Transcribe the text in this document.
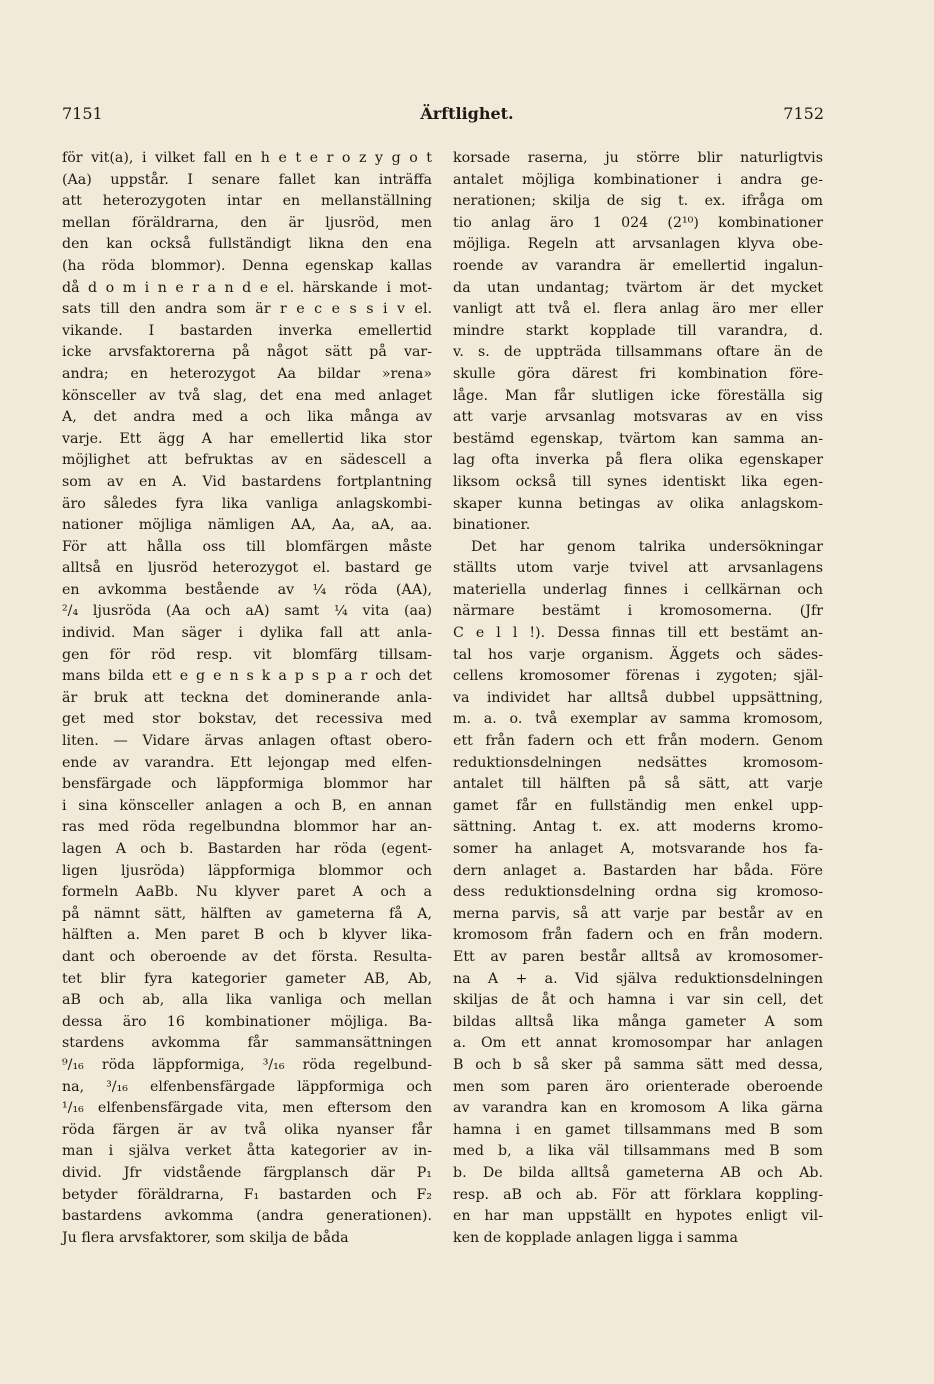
Ärftlighet.
7151	7152
för vit(a), i vilket fall en h e t e r o z y g o t
(Aa) uppstår. I senare fallet kan inträffa
att heterozygoten intar en mellanställning
mellan föräldrarna, den är ljusröd, men
den kan också fullständigt likna den ena
(ha röda blommor). Denna egenskap kallas
då d o m i n e r a n d e el. härskande i mot-
sats till den andra som är r e c e s s i v el.
vikande. I bastarden inverka emellertid
icke arvsfaktorerna på något sätt på var-
andra; en heterozygot Aa bildar »rena»
könsceller av två slag, det ena med anlaget
A, det andra med a och lika många av
varje. Ett ägg A har emellertid lika stor
möjlighet att befruktas av en sädescell a
som av en A. Vid bastardens fortplantning
äro således fyra lika vanliga anlagskombi-
nationer möjliga nämligen AA, Aa, aA, aa.
För att hålla oss till blomfärgen måste
alltså en ljusröd heterozygot el. bastard ge
en avkomma bestående av ¼ röda (AA),
²/₄ ljusröda (Aa och aA) samt ¼ vita (aa)
individ. Man säger i dylika fall att anla-
gen för röd resp. vit blomfärg tillsam-
mans bilda ett e g e n s k a p s p a r och det
är bruk att teckna det dominerande anla-
get med stor bokstav, det recessiva med
liten. — Vidare ärvas anlagen oftast obero-
ende av varandra. Ett lejongap med elfen-
bensfärgade och läppformiga blommor har
i sina könsceller anlagen a och B, en annan
ras med röda regelbundna blommor har an-
lagen A och b. Bastarden har röda (egent-
ligen ljusröda) läppformiga blommor och
formeln AaBb. Nu klyver paret A och a
på nämnt sätt, hälften av gameterna få A,
hälften a. Men paret B och b klyver lika-
dant och oberoende av det första. Resulta-
tet blir fyra kategorier gameter AB, Ab,
aB och ab, alla lika vanliga och mellan
dessa äro 16 kombinationer möjliga. Ba-
stardens avkomma får sammansättningen
⁹/₁₆ röda läppformiga, ³/₁₆ röda regelbund-
na, ³/₁₆ elfenbensfärgade läppformiga och
¹/₁₆ elfenbensfärgade vita, men eftersom den
röda färgen är av två olika nyanser får
man i själva verket åtta kategorier av in-
divid. Jfr vidstående färgplansch där P₁
betyder föräldrarna, F₁ bastarden och F₂
bastardens avkomma (andra generationen).
Ju flera arvsfaktorer, som skilja de båda
korsade raserna, ju större blir naturligtvis
antalet möjliga kombinationer i andra ge-
nerationen; skilja de sig t. ex. ifråga om
tio anlag äro 1 024 (2¹⁰) kombinationer
möjliga. Regeln att arvsanlagen klyva obe-
roende av varandra är emellertid ingalun-
da utan undantag; tvärtom är det mycket
vanligt att två el. flera anlag äro mer eller
mindre starkt kopplade till varandra, d.
v. s. de uppträda tillsammans oftare än de
skulle göra därest fri kombination före-
låge. Man får slutligen icke föreställa sig
att varje arvsanlag motsvaras av en viss
bestämd egenskap, tvärtom kan samma an-
lag ofta inverka på flera olika egenskaper
liksom också till synes identiskt lika egen-
skaper kunna betingas av olika anlagskom-
binationer.
Det har genom talrika undersökningar
ställts utom varje tvivel att arvsanlagens
materiella underlag finnes i cellkärnan och
närmare bestämt i kromosomerna. (Jfr
C e l l !). Dessa finnas till ett bestämt an-
tal hos varje organism. Äggets och sädes-
cellens kromosomer förenas i zygoten; själ-
va individet har alltså dubbel uppsättning,
m. a. o. två exemplar av samma kromosom,
ett från fadern och ett från modern. Genom
reduktionsdelningen nedsättes kromosom-
antalet till hälften på så sätt, att varje
gamet får en fullständig men enkel upp-
sättning. Antag t. ex. att moderns kromo-
somer ha anlaget A, motsvarande hos fa-
dern anlaget a. Bastarden har båda. Före
dess reduktionsdelning ordna sig kromoso-
merna parvis, så att varje par består av en
kromosom från fadern och en från modern.
Ett av paren består alltså av kromosomer-
na A + a. Vid själva reduktionsdelningen
skiljas de åt och hamna i var sin cell, det
bildas alltså lika många gameter A som
a. Om ett annat kromosompar har anlagen
B och b så sker på samma sätt med dessa,
men som paren äro orienterade oberoende
av varandra kan en kromosom A lika gärna
hamna i en gamet tillsammans med B som
med b, a lika väl tillsammans med B som
b. De bilda alltså gameterna AB och Ab.
resp. aB och ab. För att förklara koppling-
en har man uppställt en hypotes enligt vil-
ken de kopplade anlagen ligga i samma
